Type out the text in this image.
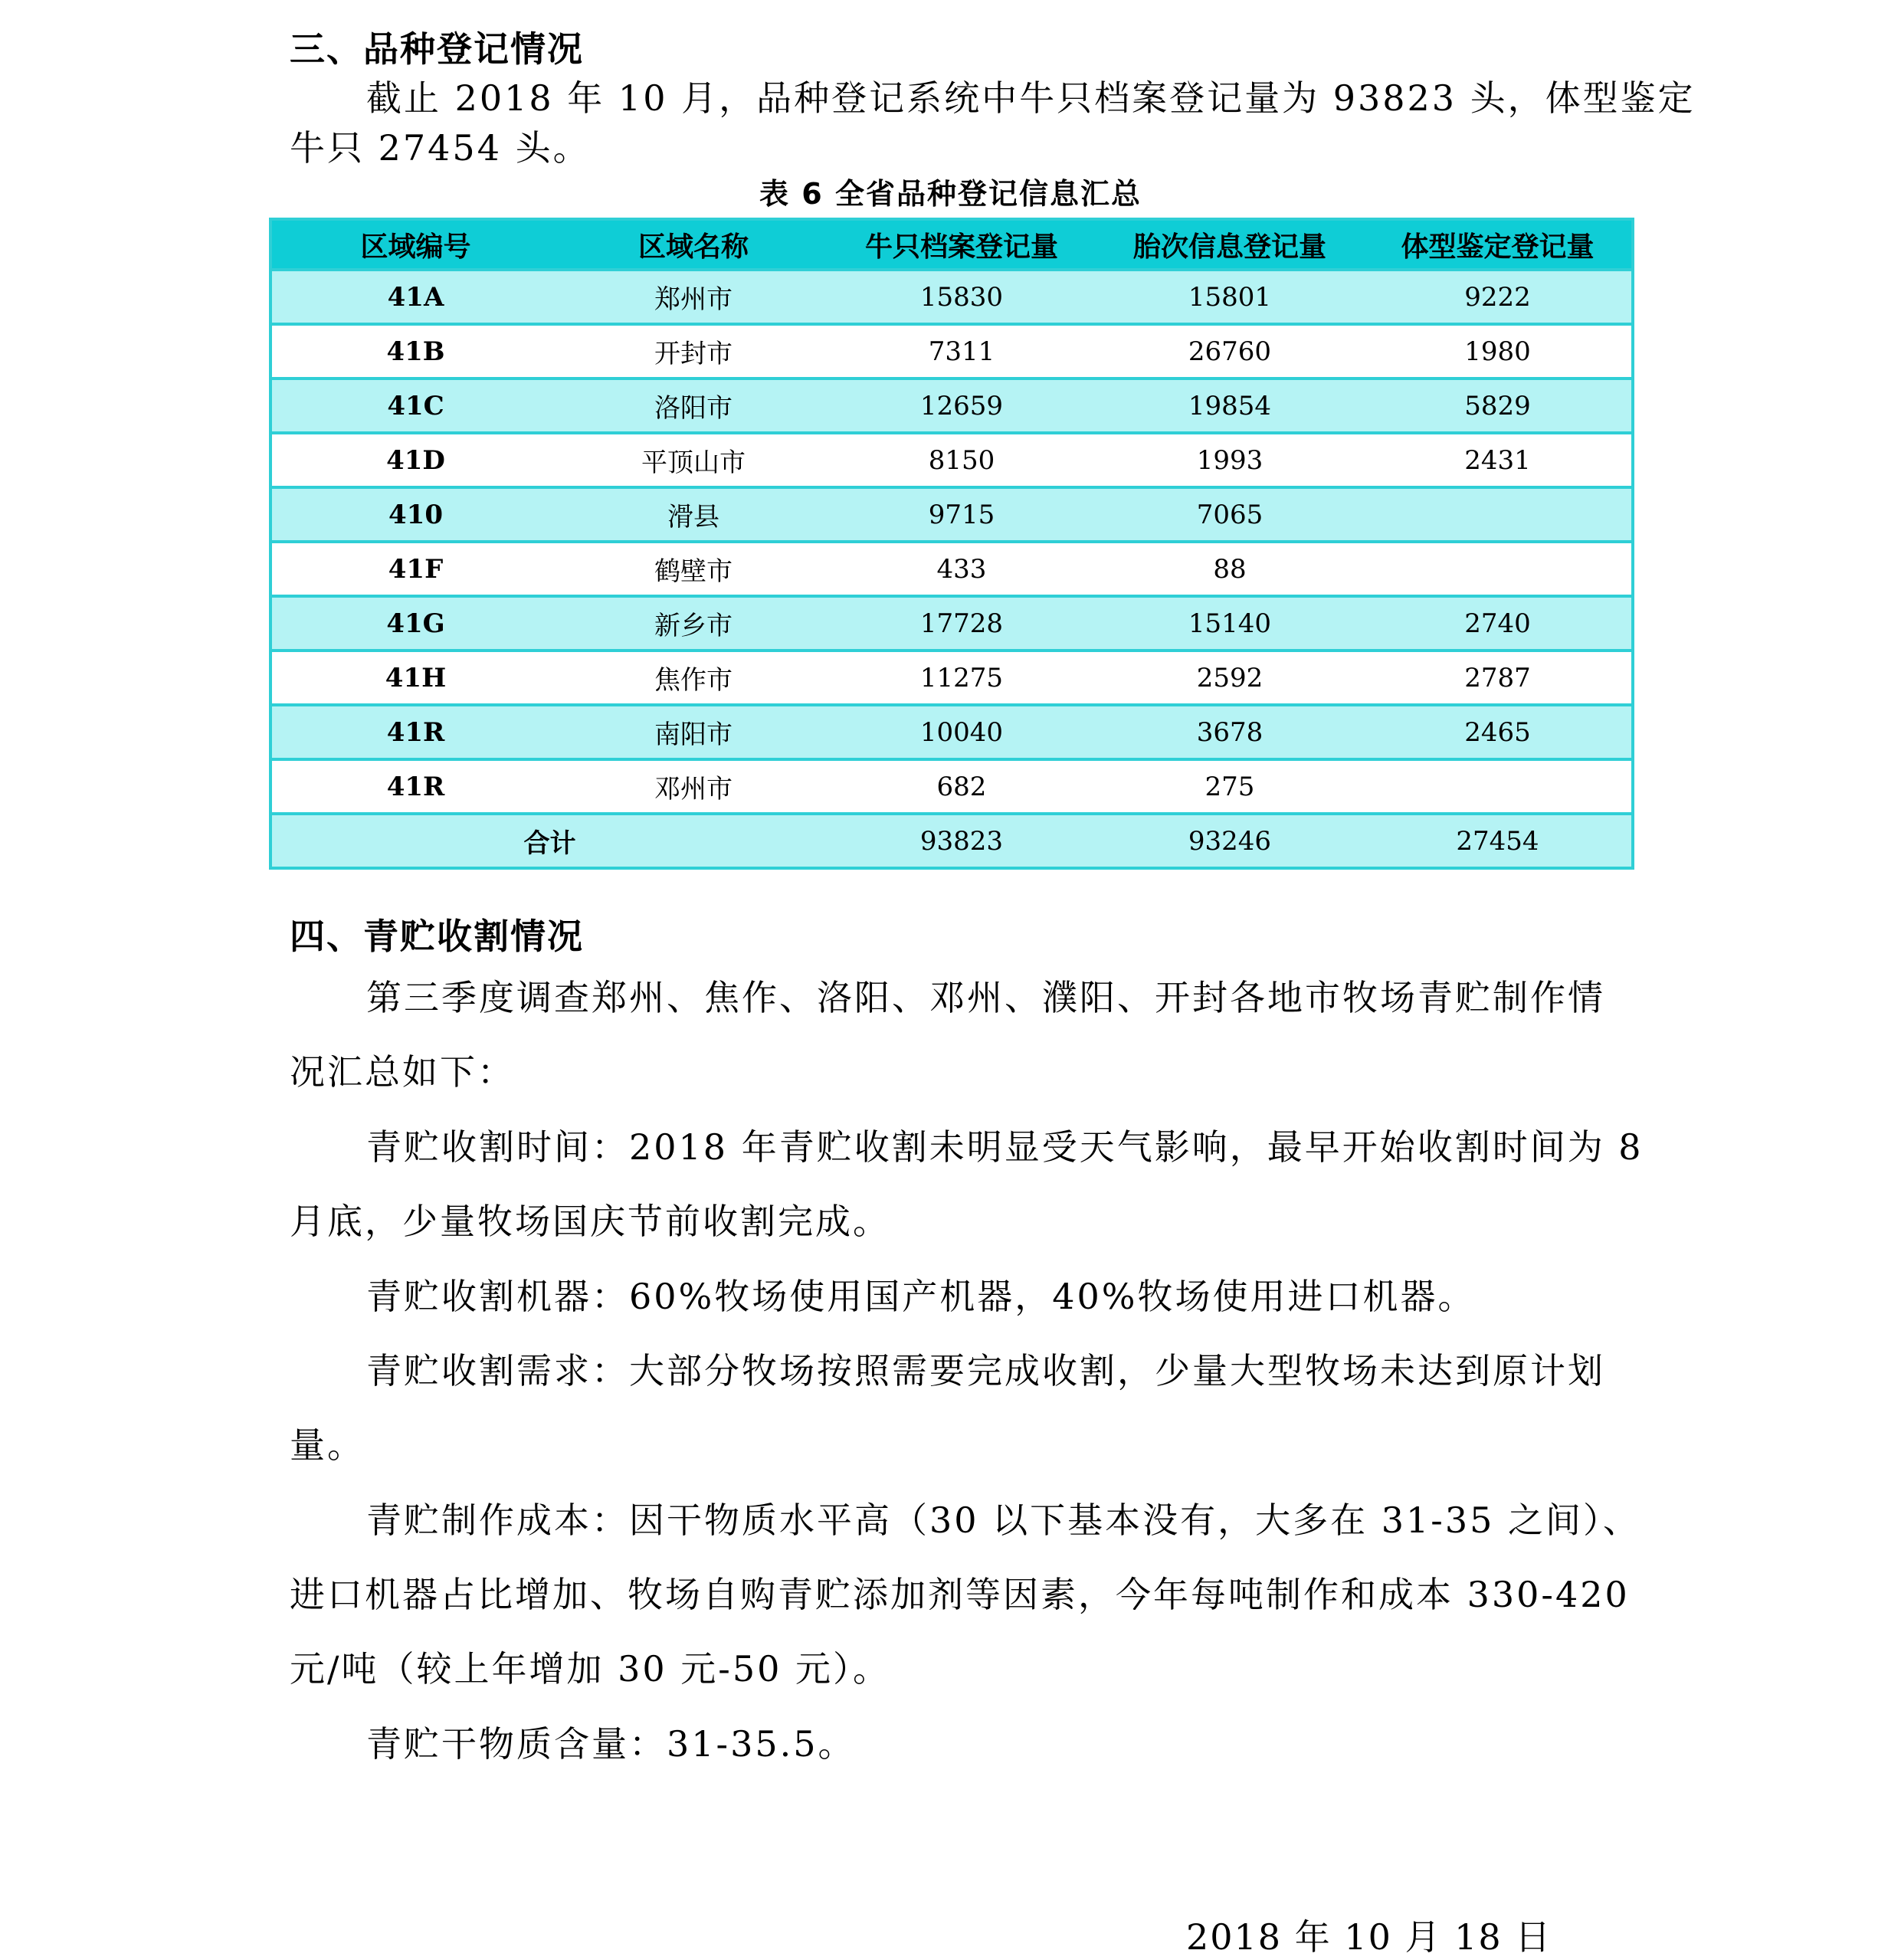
三、品种登记情况
截止 2018 年 10 月，品种登记系统中牛只档案登记量为 93823 头，体型鉴定
牛只 27454 头。
表 6 全省品种登记信息汇总
区域编号	区域名称	牛只档案登记量	胎次信息登记量	体型鉴定登记量
41A	郑州市	15830	15801	9222
41B	开封市	7311	26760	1980
41C	洛阳市	12659	19854	5829
41D	平顶山市	8150	1993	2431
410	滑县	9715	7065	
41F	鹤壁市	433	88	
41G	新乡市	17728	15140	2740
41H	焦作市	11275	2592	2787
41R	南阳市	10040	3678	2465
41R	邓州市	682	275	
合计		93823	93246	27454
四、青贮收割情况
第三季度调查郑州、焦作、洛阳、邓州、濮阳、开封各地市牧场青贮制作情
况汇总如下：
青贮收割时间：2018 年青贮收割未明显受天气影响，最早开始收割时间为 8
月底，少量牧场国庆节前收割完成。
青贮收割机器：60%牧场使用国产机器，40%牧场使用进口机器。
青贮收割需求：大部分牧场按照需要完成收割，少量大型牧场未达到原计划
量。
青贮制作成本：因干物质水平高（30 以下基本没有，大多在 31-35 之间）、
进口机器占比增加、牧场自购青贮添加剂等因素，今年每吨制作和成本 330-420
元/吨（较上年增加 30 元-50 元）。
青贮干物质含量：31-35.5。
2018 年 10 月 18 日
